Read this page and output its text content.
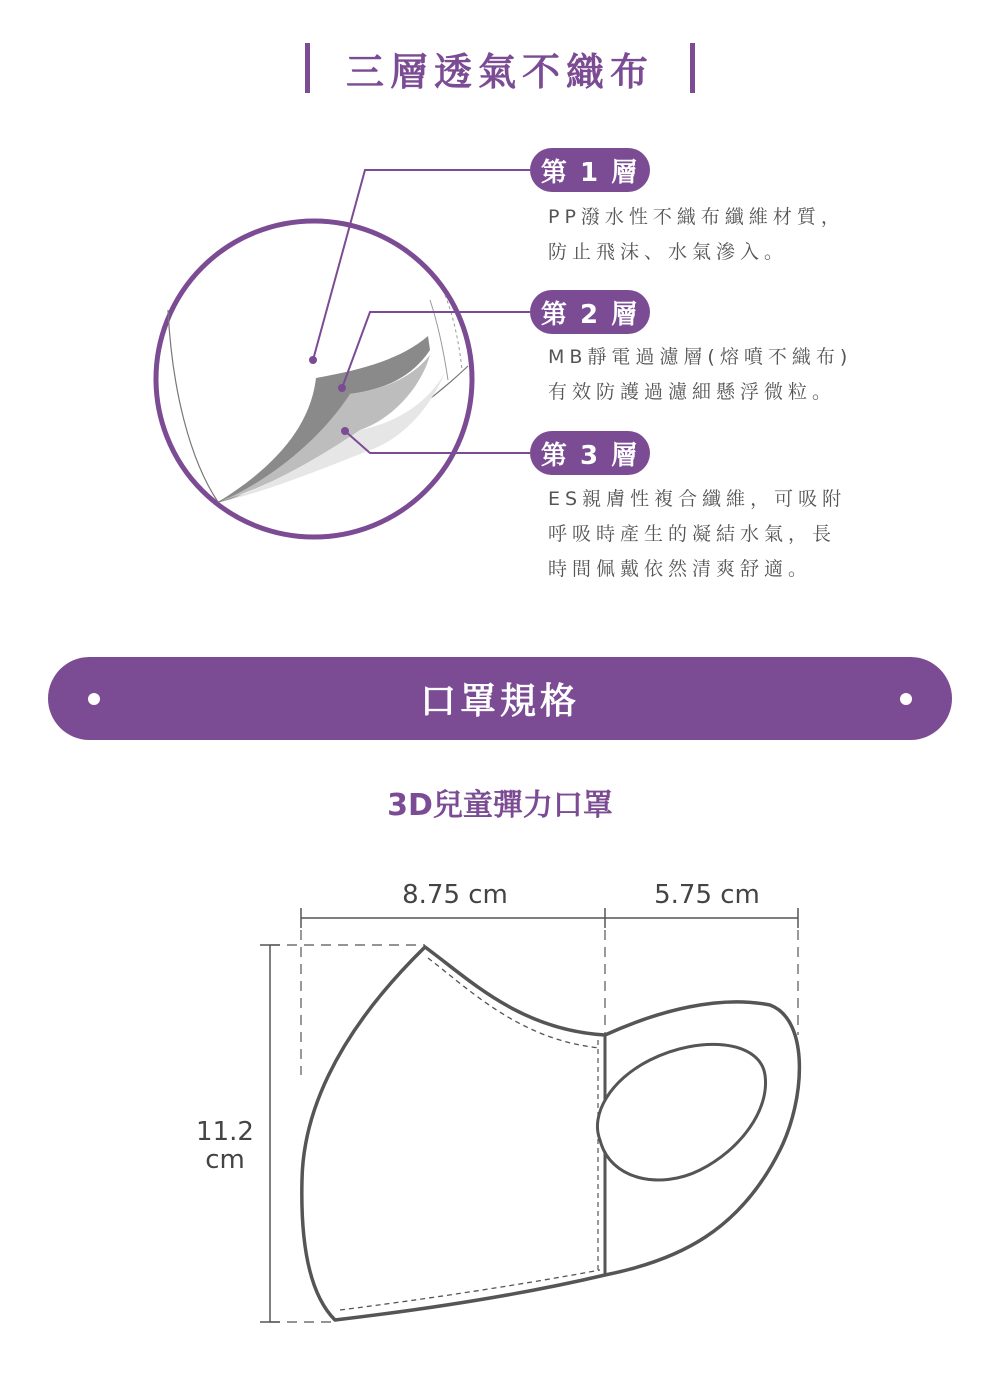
三層透氣不織布
第 1 層
PP潑水性不織布纖維材質，
防止飛沫、水氣滲入。
第 2 層
MB靜電過濾層(熔噴不織布)
有效防護過濾細懸浮微粒。
第 3 層
ES親膚性複合纖維，可吸附
呼吸時產生的凝結水氣，長
時間佩戴依然清爽舒適。
口罩規格
3D兒童彈力口罩
8.75 cm	5.75 cm
11.2
cm
